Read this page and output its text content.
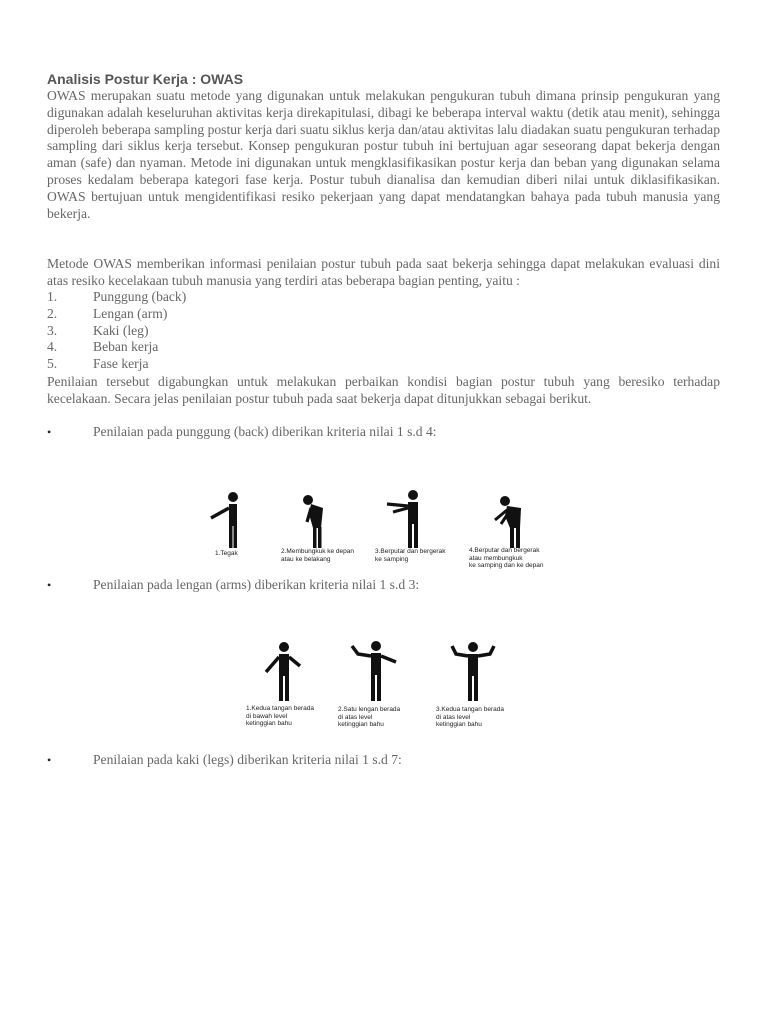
Analisis Postur Kerja : OWAS

OWAS merupakan suatu metode yang digunakan untuk melakukan pengukuran tubuh dimana prinsip pengukuran yang digunakan adalah keseluruhan aktivitas kerja direkapitulasi, dibagi ke beberapa interval waktu (detik atau menit), sehingga diperoleh beberapa sampling postur kerja dari suatu siklus kerja dan/atau aktivitas lalu diadakan suatu pengukuran terhadap sampling dari siklus kerja tersebut. Konsep pengukuran postur tubuh ini bertujuan agar seseorang dapat bekerja dengan aman (safe) dan nyaman. Metode ini digunakan untuk mengklasifikasikan postur kerja dan beban yang digunakan selama proses kedalam beberapa kategori fase kerja. Postur tubuh dianalisa dan kemudian diberi nilai untuk diklasifikasikan. OWAS bertujuan untuk mengidentifikasi resiko pekerjaan yang dapat mendatangkan bahaya pada tubuh manusia yang bekerja.

Metode OWAS memberikan informasi penilaian postur tubuh pada saat bekerja sehingga dapat melakukan evaluasi dini atas resiko kecelakaan tubuh manusia yang terdiri atas beberapa bagian penting, yaitu :

1.	Punggung (back)
2.	Lengan (arm)
3.	Kaki (leg)
4.	Beban kerja
5.	Fase kerja

Penilaian tersebut digabungkan untuk melakukan perbaikan kondisi bagian postur tubuh yang beresiko terhadap kecelakaan. Secara jelas penilaian postur tubuh pada saat bekerja dapat ditunjukkan sebagai berikut.

•	Penilaian pada punggung (back) diberikan kriteria nilai 1 s.d 4:
1.Tegak	2.Membungkuk ke depan
atau ke belakang
3.Berputar dan bergerak
ke samping
4.Berputar dan bergerak
atau membungkuk
ke samping dan ke depan
•	Penilaian pada lengan (arms) diberikan kriteria nilai 1 s.d 3:
1.Kedua tangan berada
di bawah level
ketinggian bahu
2.Satu lengan berada
di atas level
ketinggian bahu
3.Kedua tangan berada
di atas level
ketinggian bahu
•	Penilaian pada kaki (legs) diberikan kriteria nilai 1 s.d 7:
